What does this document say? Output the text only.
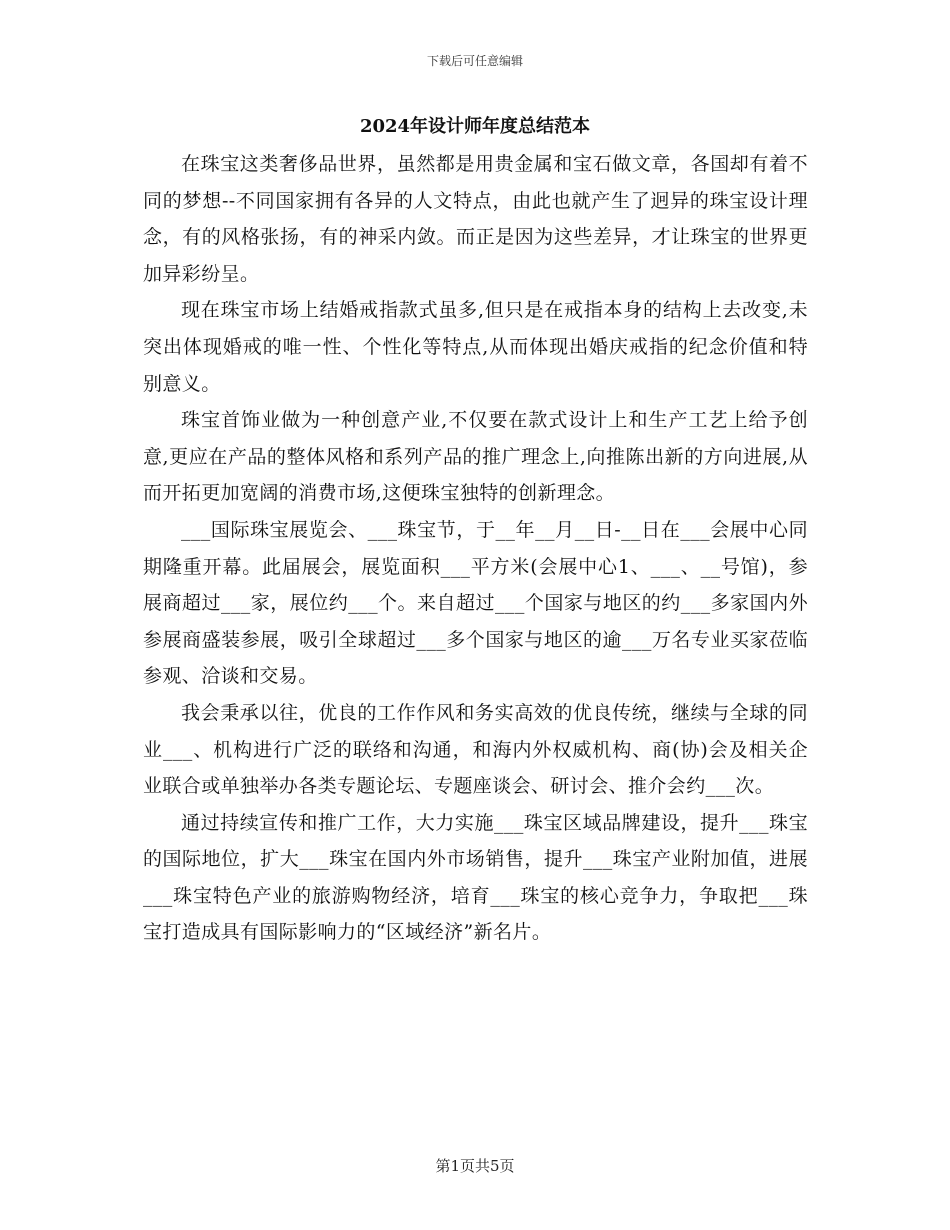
下载后可任意编辑
2024年设计师年度总结范本

在珠宝这类奢侈品世界，虽然都是用贵金属和宝石做文章，各国却有着不同的梦想--不同国家拥有各异的人文特点，由此也就产生了迥异的珠宝设计理念，有的风格张扬，有的神采内敛。而正是因为这些差异，才让珠宝的世界更加异彩纷呈。

现在珠宝市场上结婚戒指款式虽多,但只是在戒指本身的结构上去改变,未突出体现婚戒的唯一性、个性化等特点,从而体现出婚庆戒指的纪念价值和特别意义。

珠宝首饰业做为一种创意产业,不仅要在款式设计上和生产工艺上给予创意,更应在产品的整体风格和系列产品的推广理念上,向推陈出新的方向进展,从而开拓更加宽阔的消费市场,这便珠宝独特的创新理念。

___国际珠宝展览会、___珠宝节，于__年__月__日-__日在___会展中心同期隆重开幕。此届展会，展览面积___平方米(会展中心1、___、__号馆)，参展商超过___家，展位约___个。来自超过___个国家与地区的约___多家国内外参展商盛装参展，吸引全球超过___多个国家与地区的逾___万名专业买家莅临参观、洽谈和交易。

我会秉承以往，优良的工作作风和务实高效的优良传统，继续与全球的同业___、机构进行广泛的联络和沟通，和海内外权威机构、商(协)会及相关企业联合或单独举办各类专题论坛、专题座谈会、研讨会、推介会约___次。

通过持续宣传和推广工作，大力实施___珠宝区域品牌建设，提升___珠宝的国际地位，扩大___珠宝在国内外市场销售，提升___珠宝产业附加值，进展___珠宝特色产业的旅游购物经济，培育___珠宝的核心竞争力，争取把___珠宝打造成具有国际影响力的“区域经济”新名片。

第1页共5页
